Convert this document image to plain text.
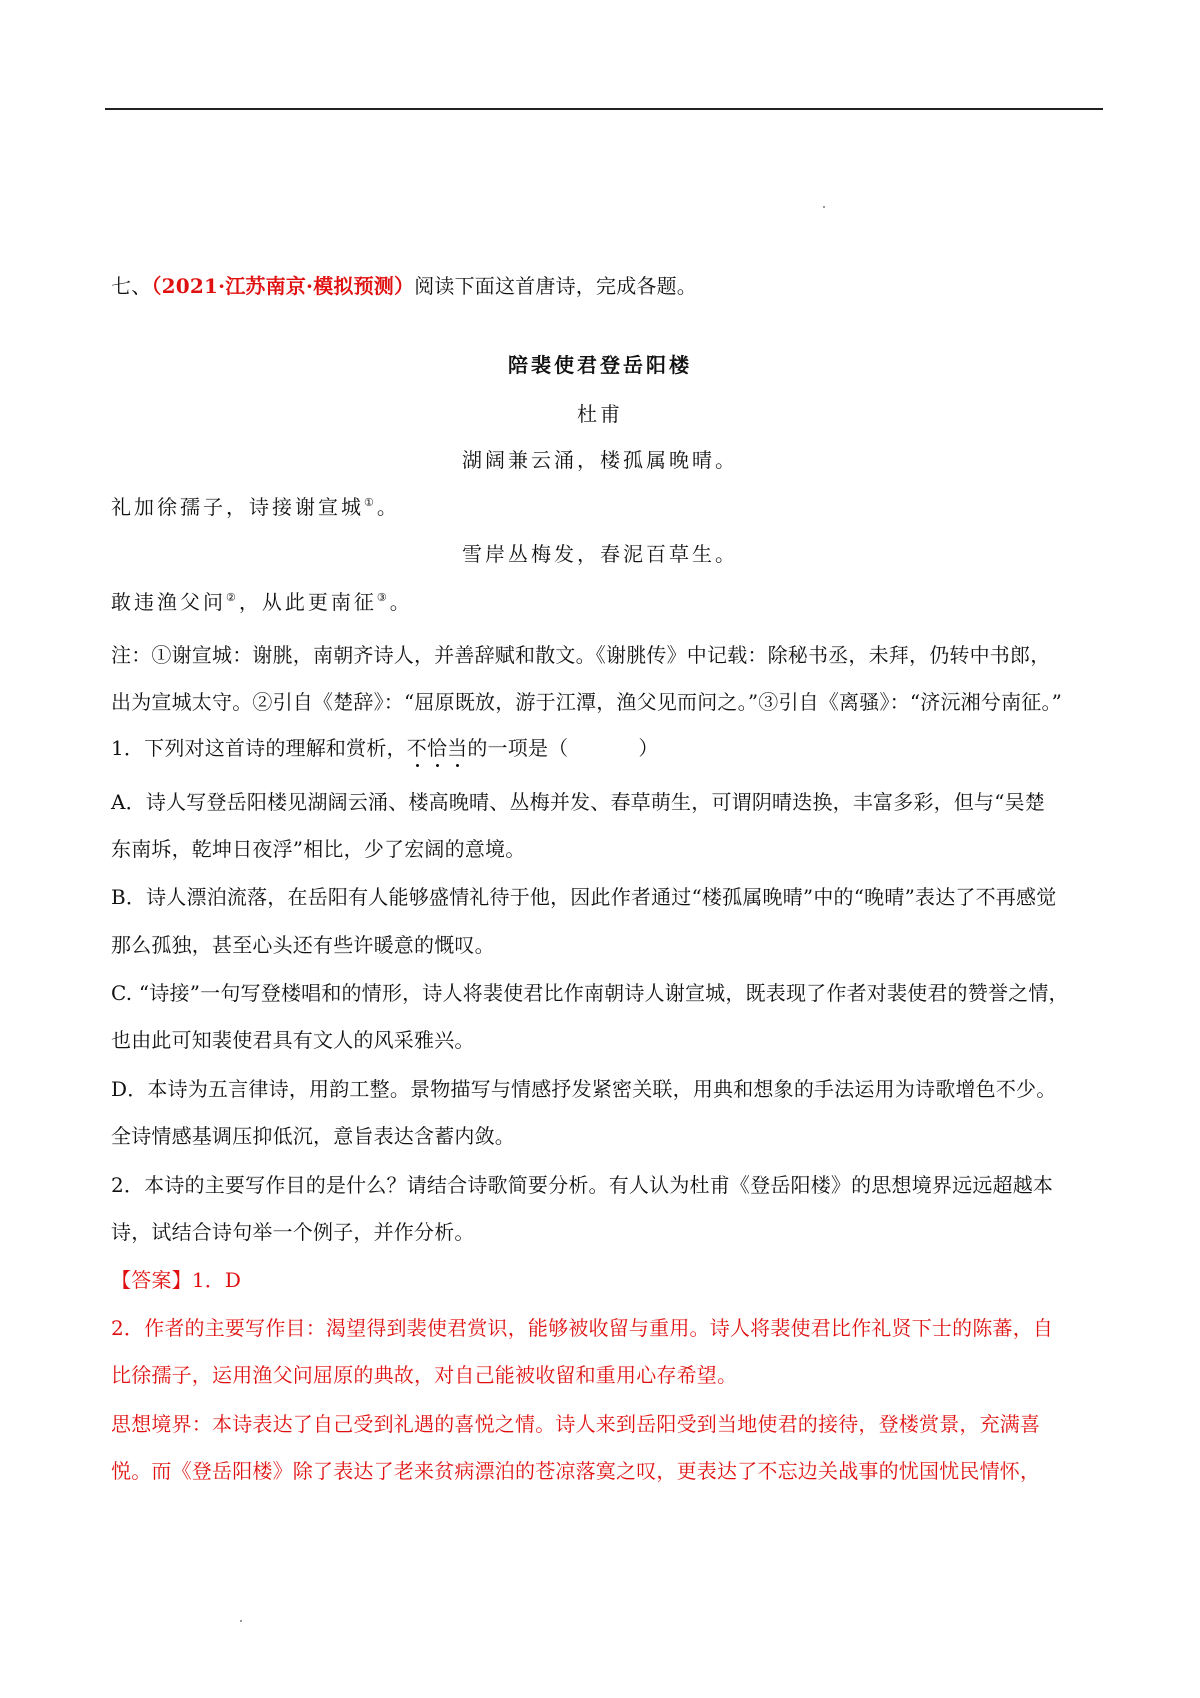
七、（2021·江苏南京·模拟预测）阅读下面这首唐诗，完成各题。
陪裴使君登岳阳楼
杜甫
湖阔兼云涌，楼孤属晚晴。
礼加徐孺子，诗接谢宣城①。
雪岸丛梅发，春泥百草生。
敢违渔父问②，从此更南征③。
注：①谢宣城：谢朓，南朝齐诗人，并善辞赋和散文。《谢朓传》中记载：除秘书丞，未拜，仍转中书郎，
出为宣城太守。②引自《楚辞》：“屈原既放，游于江潭，渔父见而问之。”③引自《离骚》：“济沅湘兮南征。”
1．下列对这首诗的理解和赏析，不恰当的一项是（	）
A．诗人写登岳阳楼见湖阔云涌、楼高晚晴、丛梅并发、春草萌生，可谓阴晴迭换，丰富多彩，但与“吴楚
东南坼，乾坤日夜浮”相比，少了宏阔的意境。
B．诗人漂泊流落，在岳阳有人能够盛情礼待于他，因此作者通过“楼孤属晚晴”中的“晚晴”表达了不再感觉
那么孤独，甚至心头还有些许暖意的慨叹。
C. “诗接”一句写登楼唱和的情形，诗人将裴使君比作南朝诗人谢宣城，既表现了作者对裴使君的赞誉之情，
也由此可知裴使君具有文人的风采雅兴。
D．本诗为五言律诗，用韵工整。景物描写与情感抒发紧密关联，用典和想象的手法运用为诗歌增色不少。
全诗情感基调压抑低沉，意旨表达含蓄内敛。
2．本诗的主要写作目的是什么？请结合诗歌简要分析。有人认为杜甫《登岳阳楼》的思想境界远远超越本
诗，试结合诗句举一个例子，并作分析。
【答案】1．D
2．作者的主要写作目：渴望得到裴使君赏识，能够被收留与重用。诗人将裴使君比作礼贤下士的陈蕃，自
比徐孺子，运用渔父问屈原的典故，对自己能被收留和重用心存希望。
思想境界：本诗表达了自己受到礼遇的喜悦之情。诗人来到岳阳受到当地使君的接待，登楼赏景，充满喜
悦。而《登岳阳楼》除了表达了老来贫病漂泊的苍凉落寞之叹，更表达了不忘边关战事的忧国忧民情怀，
